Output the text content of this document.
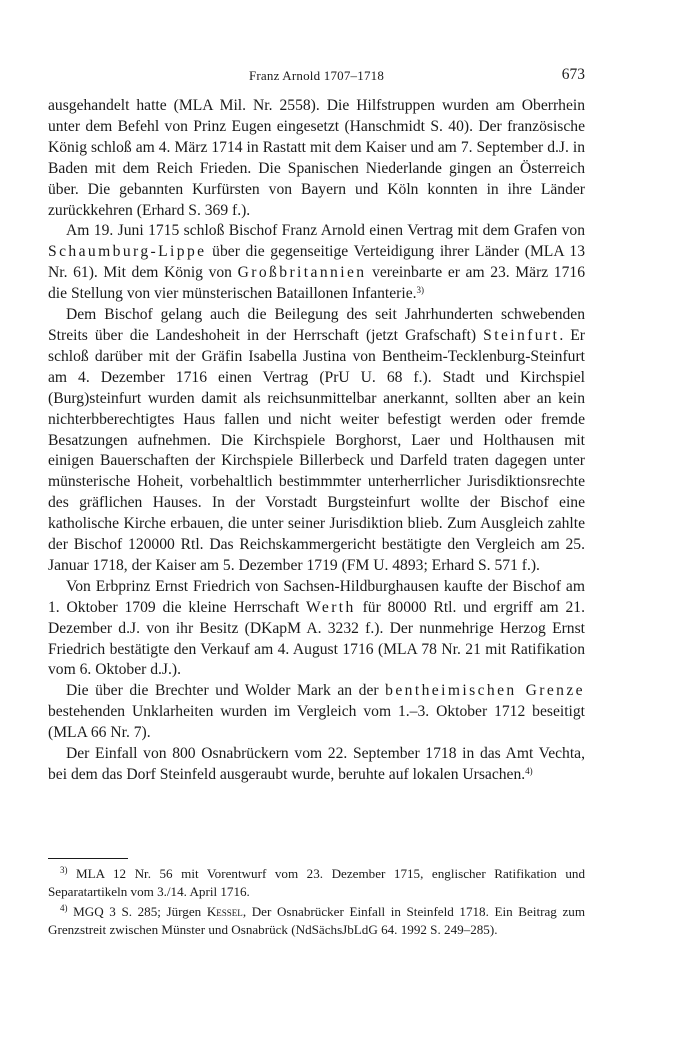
Franz Arnold 1707–1718	673

ausgehandelt hatte (MLA Mil. Nr. 2558). Die Hilfstruppen wurden am Oberrhein unter dem Befehl von Prinz Eugen eingesetzt (Hanschmidt S. 40). Der französische König schloß am 4. März 1714 in Rastatt mit dem Kaiser und am 7. September d.J. in Baden mit dem Reich Frieden. Die Spanischen Niederlande gingen an Österreich über. Die gebannten Kurfürsten von Bayern und Köln konnten in ihre Länder zurückkehren (Erhard S. 369 f.).

Am 19. Juni 1715 schloß Bischof Franz Arnold einen Vertrag mit dem Grafen von Schaumburg-Lippe über die gegenseitige Verteidigung ihrer Länder (MLA 13 Nr. 61). Mit dem König von Großbritannien vereinbarte er am 23. März 1716 die Stellung von vier münsterischen Bataillonen Infanterie.$^{3)}$

Dem Bischof gelang auch die Beilegung des seit Jahrhunderten schwebenden Streits über die Landeshoheit in der Herrschaft (jetzt Grafschaft) Steinfurt. Er schloß darüber mit der Gräfin Isabella Justina von Bentheim-Tecklenburg-Steinfurt am 4. Dezember 1716 einen Vertrag (PrU U. 68 f.). Stadt und Kirchspiel (Burg)steinfurt wurden damit als reichsunmittelbar anerkannt, sollten aber an kein nichterbberechtigtes Haus fallen und nicht weiter befestigt werden oder fremde Besatzungen aufnehmen. Die Kirchspiele Borghorst, Laer und Holthausen mit einigen Bauerschaften der Kirchspiele Billerbeck und Darfeld traten dagegen unter münsterische Hoheit, vorbehaltlich bestimmmter unterherrlicher Jurisdiktionsrechte des gräflichen Hauses. In der Vorstadt Burgsteinfurt wollte der Bischof eine katholische Kirche erbauen, die unter seiner Jurisdiktion blieb. Zum Ausgleich zahlte der Bischof 120000 Rtl. Das Reichskammergericht bestätigte den Vergleich am 25. Januar 1718, der Kaiser am 5. Dezember 1719 (FM U. 4893; Erhard S. 571 f.).

Von Erbprinz Ernst Friedrich von Sachsen-Hildburghausen kaufte der Bischof am 1. Oktober 1709 die kleine Herrschaft Werth für 80000 Rtl. und ergriff am 21. Dezember d.J. von ihr Besitz (DKapM A. 3232 f.). Der nunmehrige Herzog Ernst Friedrich bestätigte den Verkauf am 4. August 1716 (MLA 78 Nr. 21 mit Ratifikation vom 6. Oktober d.J.).

Die über die Brechter und Wolder Mark an der bentheimischen Grenze bestehenden Unklarheiten wurden im Vergleich vom 1.–3. Oktober 1712 beseitigt (MLA 66 Nr. 7).

Der Einfall von 800 Osnabrückern vom 22. September 1718 in das Amt Vechta, bei dem das Dorf Steinfeld ausgeraubt wurde, beruhte auf lokalen Ursachen.$^{4)}$

$^{3)}$ MLA 12 Nr. 56 mit Vorentwurf vom 23. Dezember 1715, englischer Ratifikation und Separatartikeln vom 3./14. April 1716.

$^{4)}$ MGQ 3 S. 285; Jürgen Kessel, Der Osnabrücker Einfall in Steinfeld 1718. Ein Beitrag zum Grenzstreit zwischen Münster und Osnabrück (NdSächsJbLdG 64. 1992 S. 249–285).
